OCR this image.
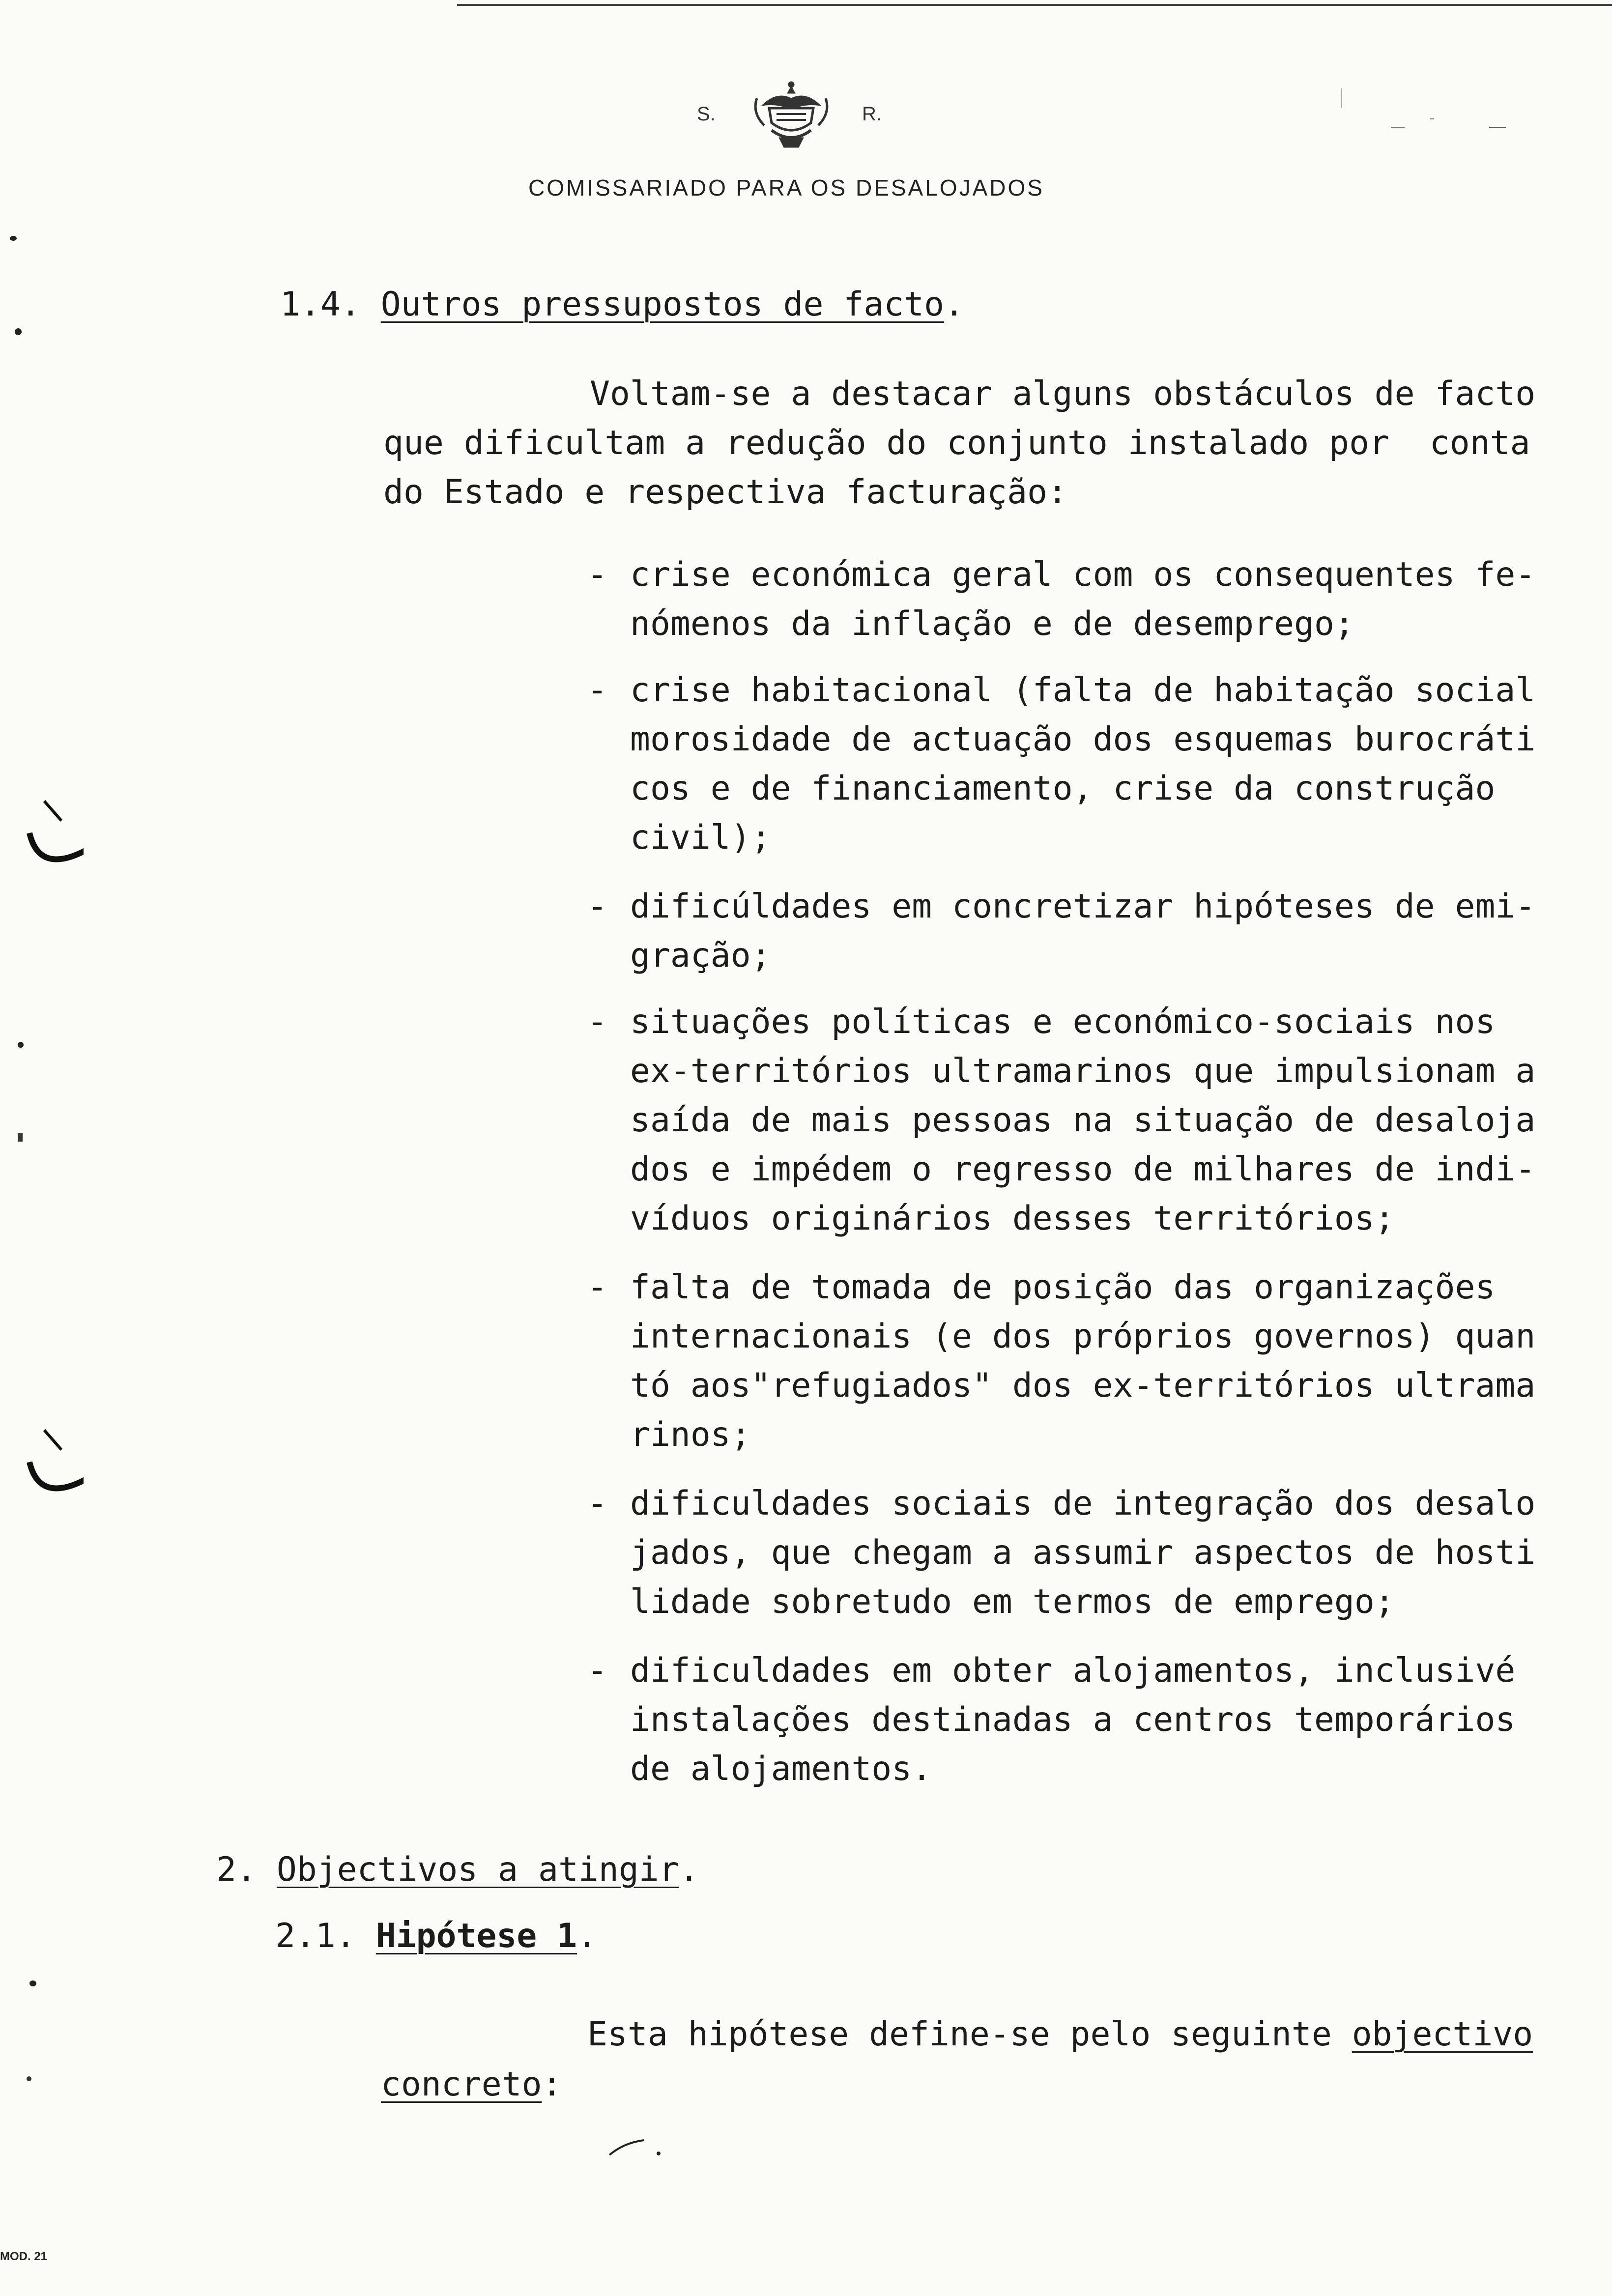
S.	R.
COMISSARIADO PARA OS DESALOJADOS
1.4. Outros pressupostos de facto.
Voltam-se a destacar alguns obstáculos de facto
que dificultam a redução do conjunto instalado por  conta
do Estado e respectiva facturação:
- crise económica geral com os consequentes fe-
nómenos da inflação e de desemprego;
- crise habitacional (falta de habitação social
morosidade de actuação dos esquemas burocráti
cos e de financiamento, crise da construção
civil);
- dificúldades em concretizar hipóteses de emi-
gração;
- situações políticas e económico-sociais nos
ex-territórios ultramarinos que impulsionam a
saída de mais pessoas na situação de desaloja
dos e impédem o regresso de milhares de indi-
víduos originários desses territórios;
- falta de tomada de posição das organizações
internacionais (e dos próprios governos) quan
tó aos"refugiados" dos ex-territórios ultrama
rinos;
- dificuldades sociais de integração dos desalo
jados, que chegam a assumir aspectos de hosti
lidade sobretudo em termos de emprego;
- dificuldades em obter alojamentos, inclusivé
instalações destinadas a centros temporários
de alojamentos.
2. Objectivos a atingir.
2.1. Hipótese 1.
Esta hipótese define-se pelo seguinte objectivo
concreto:
MOD. 21
